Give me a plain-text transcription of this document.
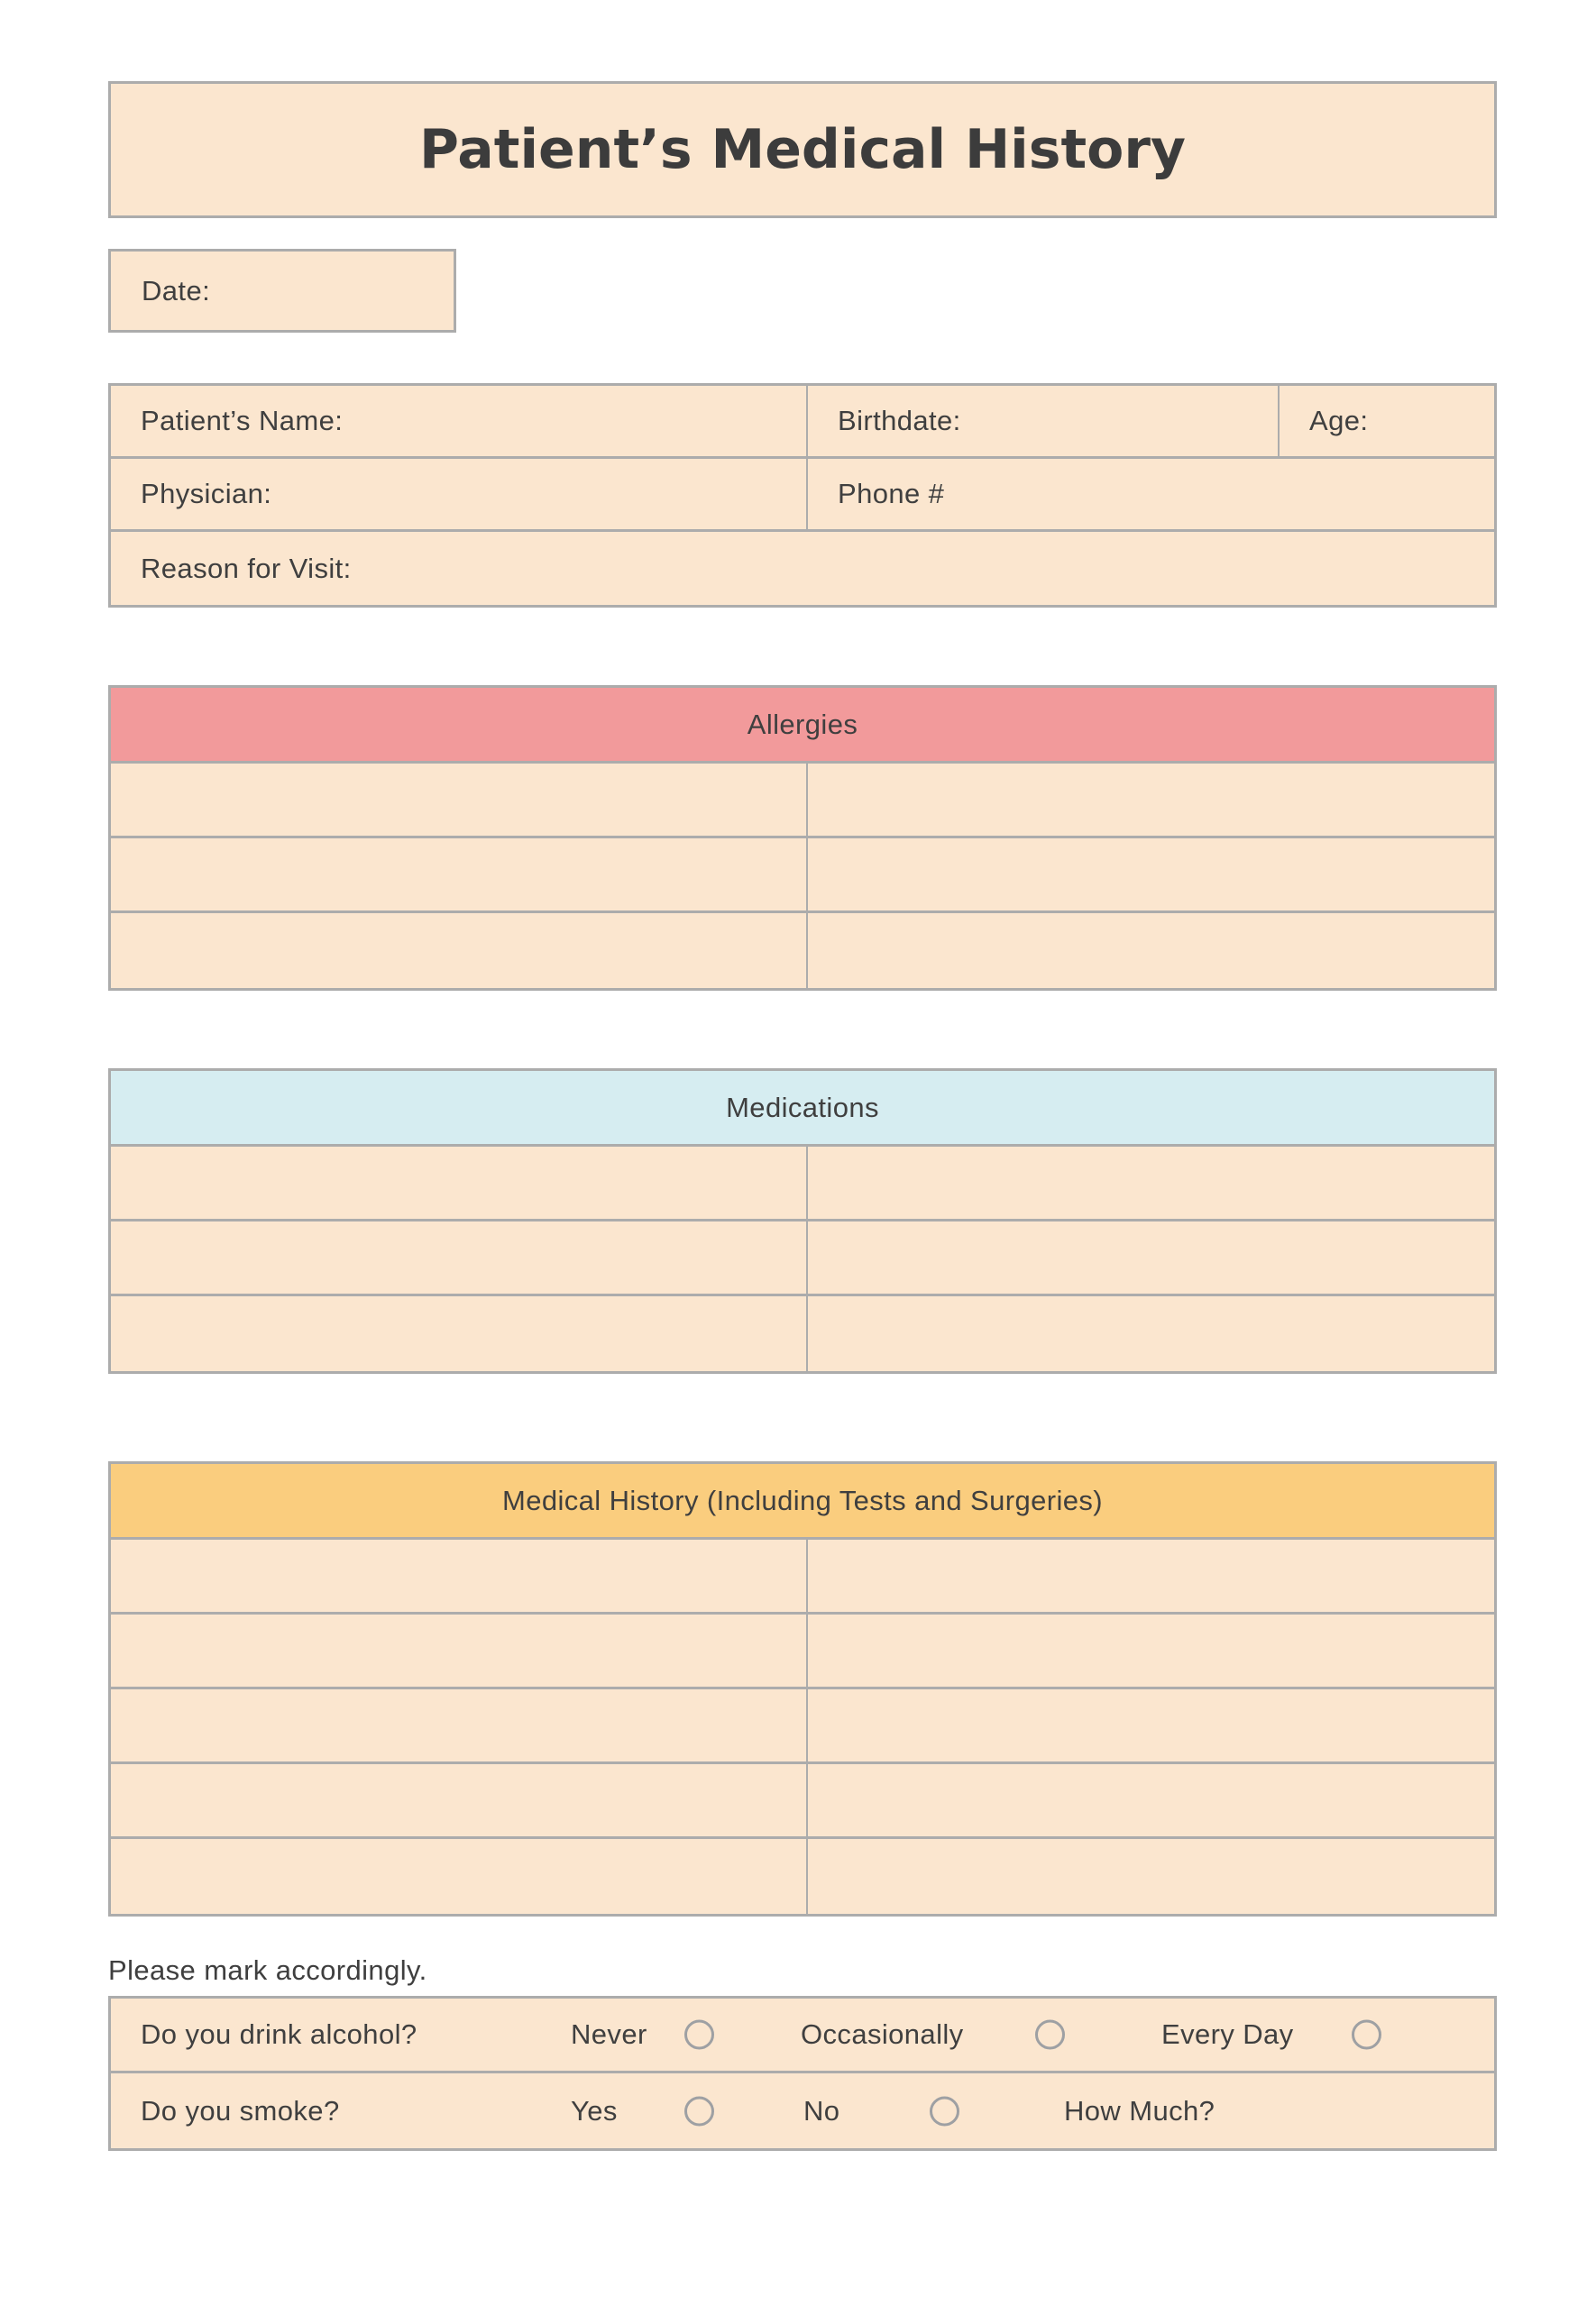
Patient’s Medical History
Date:
Patient’s Name:	Birthdate:	Age:
Physician:	Phone #
Reason for Visit:
Allergies
Medications
Medical History (Including Tests and Surgeries)
Please mark accordingly.
Do you drink alcohol?	Never	Occasionally	Every Day
Do you smoke?	Yes	No	How Much?
